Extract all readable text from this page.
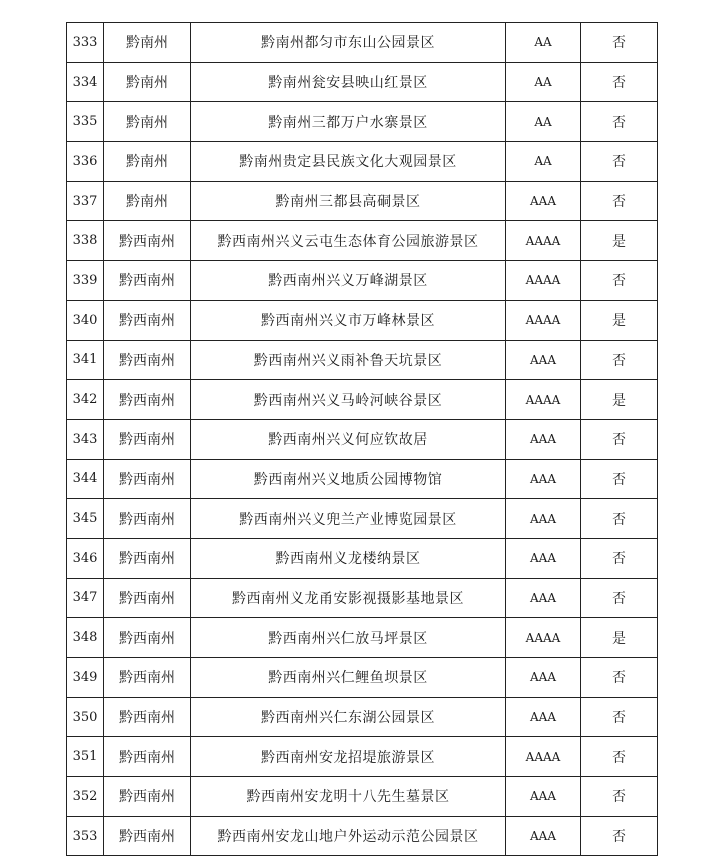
333	黔南州	黔南州都匀市东山公园景区	AA	否
334	黔南州	黔南州瓮安县映山红景区	AA	否
335	黔南州	黔南州三都万户水寨景区	AA	否
336	黔南州	黔南州贵定县民族文化大观园景区	AA	否
337	黔南州	黔南州三都县高硐景区	AAA	否
338	黔西南州	黔西南州兴义云屯生态体育公园旅游景区	AAAA	是
339	黔西南州	黔西南州兴义万峰湖景区	AAAA	否
340	黔西南州	黔西南州兴义市万峰林景区	AAAA	是
341	黔西南州	黔西南州兴义雨补鲁天坑景区	AAA	否
342	黔西南州	黔西南州兴义马岭河峡谷景区	AAAA	是
343	黔西南州	黔西南州兴义何应钦故居	AAA	否
344	黔西南州	黔西南州兴义地质公园博物馆	AAA	否
345	黔西南州	黔西南州兴义兜兰产业博览园景区	AAA	否
346	黔西南州	黔西南州义龙楼纳景区	AAA	否
347	黔西南州	黔西南州义龙甬安影视摄影基地景区	AAA	否
348	黔西南州	黔西南州兴仁放马坪景区	AAAA	是
349	黔西南州	黔西南州兴仁鲤鱼坝景区	AAA	否
350	黔西南州	黔西南州兴仁东湖公园景区	AAA	否
351	黔西南州	黔西南州安龙招堤旅游景区	AAAA	否
352	黔西南州	黔西南州安龙明十八先生墓景区	AAA	否
353	黔西南州	黔西南州安龙山地户外运动示范公园景区	AAA	否
